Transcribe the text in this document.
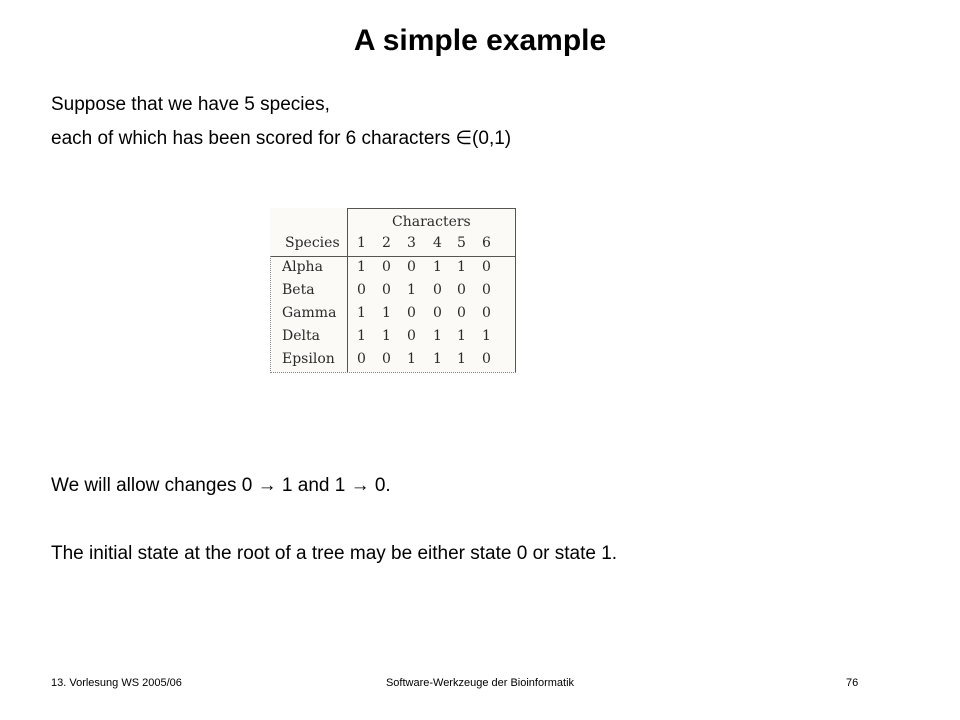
A simple example
Suppose that we have 5 species,
each of which has been scored for 6 characters ∈(0,1)
Characters
Species 1 2 3 4 5 6
Alpha 1 0 0 1 1 0
Beta	0 0 1 0 0 0
Gamma 1 1 0 0 0 0
Delta	1 1 0 1 1 1
Epsilon 0 0 1 1 1 0
We will allow changes 0 → 1 and 1 → 0.
The initial state at the root of a tree may be either state 0 or state 1.
13. Vorlesung WS 2005/06	Software-Werkzeuge der Bioinformatik	76
